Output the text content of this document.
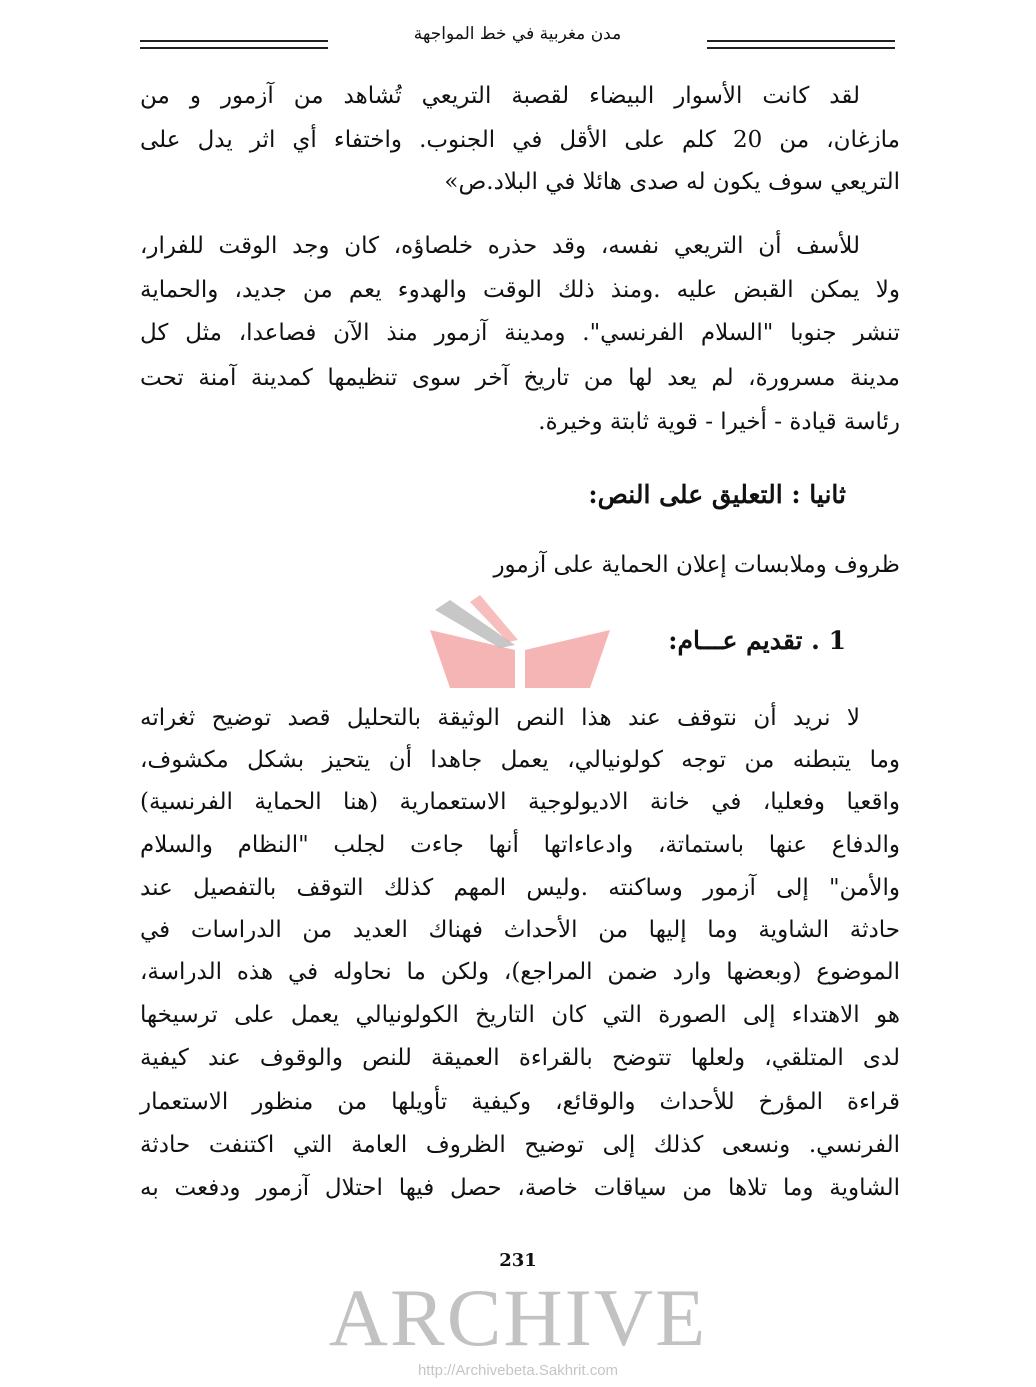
مدن مغربية في خط المواجهة
لقد كانت الأسوار البيضاء لقصبة التريعي تُشاهد من آزمور و من
مازغان، من 20 كلم على الأقل في الجنوب. واختفاء أي اثر يدل على
التريعي سوف يكون له صدى هائلا في البلاد.ص»
للأسف أن التريعي نفسه، وقد حذره خلصاؤه، كان وجد الوقت للفرار،
ولا يمكن القبض عليه .ومنذ ذلك الوقت والهدوء يعم من جديد، والحماية
تنشر جنوبا "السلام الفرنسي". ومدينة آزمور منذ الآن فصاعدا، مثل كل
مدينة مسرورة، لم يعد لها من تاريخ آخر سوى تنظيمها كمدينة آمنة تحت
رئاسة قيادة - أخيرا - قوية ثابتة وخيرة.
ثانيا : التعليق على النص:
ظروف وملابسات إعلان الحماية على آزمور
1 . تقديم عـــام:
لا نريد أن نتوقف عند هذا النص الوثيقة بالتحليل قصد توضيح ثغراته
وما يتبطنه من توجه كولونيالي، يعمل جاهدا أن يتحيز بشكل مكشوف،
واقعيا وفعليا، في خانة الاديولوجية الاستعمارية (هنا الحماية الفرنسية)
والدفاع عنها باستماتة، وادعاءاتها أنها جاءت لجلب "النظام والسلام
والأمن" إلى آزمور وساكنته .وليس المهم كذلك التوقف بالتفصيل عند
حادثة الشاوية وما إليها من الأحداث فهناك العديد من الدراسات في
الموضوع (وبعضها وارد ضمن المراجع)، ولكن ما نحاوله في هذه الدراسة،
هو الاهتداء إلى الصورة التي كان التاريخ الكولونيالي يعمل على ترسيخها
لدى المتلقي، ولعلها تتوضح بالقراءة العميقة للنص والوقوف عند كيفية
قراءة المؤرخ للأحداث والوقائع، وكيفية تأويلها من منظور الاستعمار
الفرنسي. ونسعى كذلك إلى توضيح الظروف العامة التي اكتنفت حادثة
الشاوية وما تلاها من سياقات خاصة، حصل فيها احتلال آزمور ودفعت به
231
ARCHIVE
http://Archivebeta.Sakhrit.com
